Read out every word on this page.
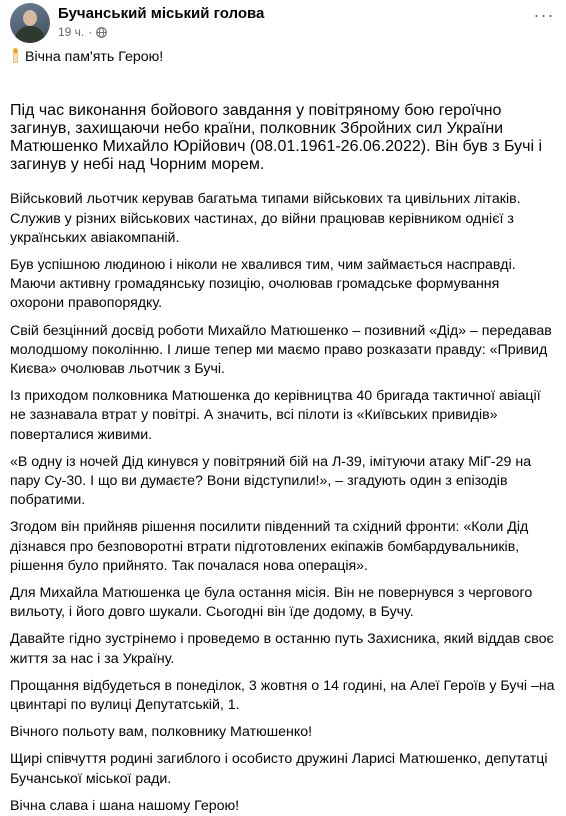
Бучанський міський голова
19 ч. ·
···

Вічна пам'ять Герою!

Під час виконання бойового завдання у повітряному бою героїчно загинув, захищаючи небо країни, полковник Збройних сил України Матюшенко Михайло Юрійович (08.01.1961-26.06.2022). Він був з Бучі і загинув у небі над Чорним морем.

Військовий льотчик керував багатьма типами військових та цивільних літаків. Служив у різних військових частинах, до війни працював керівником однієї з українських авіакомпаній.

Був успішною людиною і ніколи не хвалився тим, чим займається насправді. Маючи активну громадянську позицію, очолював громадське формування охорони правопорядку.

Свій безцінний досвід роботи Михайло Матюшенко – позивний «Дід» – передавав молодшому поколінню. І лише тепер ми маємо право розказати правду: «Привид Києва» очолював льотчик з Бучі.

Із приходом полковника Матюшенка до керівництва 40 бригада тактичної авіації не зазнавала втрат у повітрі. А значить, всі пілоти із «Київських привидів» поверталися живими.

«В одну із ночей Дід кинувся у повітряний бій на Л-39, імітуючи атаку МіГ-29 на пару Су-30. І що ви думаєте? Вони відступили!», – згадують один з епізодів побратими.

Згодом він прийняв рішення посилити південний та східний фронти: «Коли Дід дізнався про безповоротні втрати підготовлених екіпажів бомбардувальників, рішення було прийнято. Так почалася нова операція».

Для Михайла Матюшенка це була остання місія. Він не повернувся з чергового вильоту, і його довго шукали. Сьогодні він їде додому, в Бучу.

Давайте гідно зустрінемо і проведемо в останню путь Захисника, який віддав своє життя за нас і за Україну.

Прощання відбудеться в понеділок, 3 жовтня о 14 годині, на Алеї Героїв у Бучі –на цвинтарі по вулиці Депутатській, 1.

Вічного польоту вам, полковнику Матюшенко!

Щирі співчуття родині загиблого і особисто дружині Ларисі Матюшенко, депутатці Бучанської міської ради.

Вічна слава і шана нашому Герою!
